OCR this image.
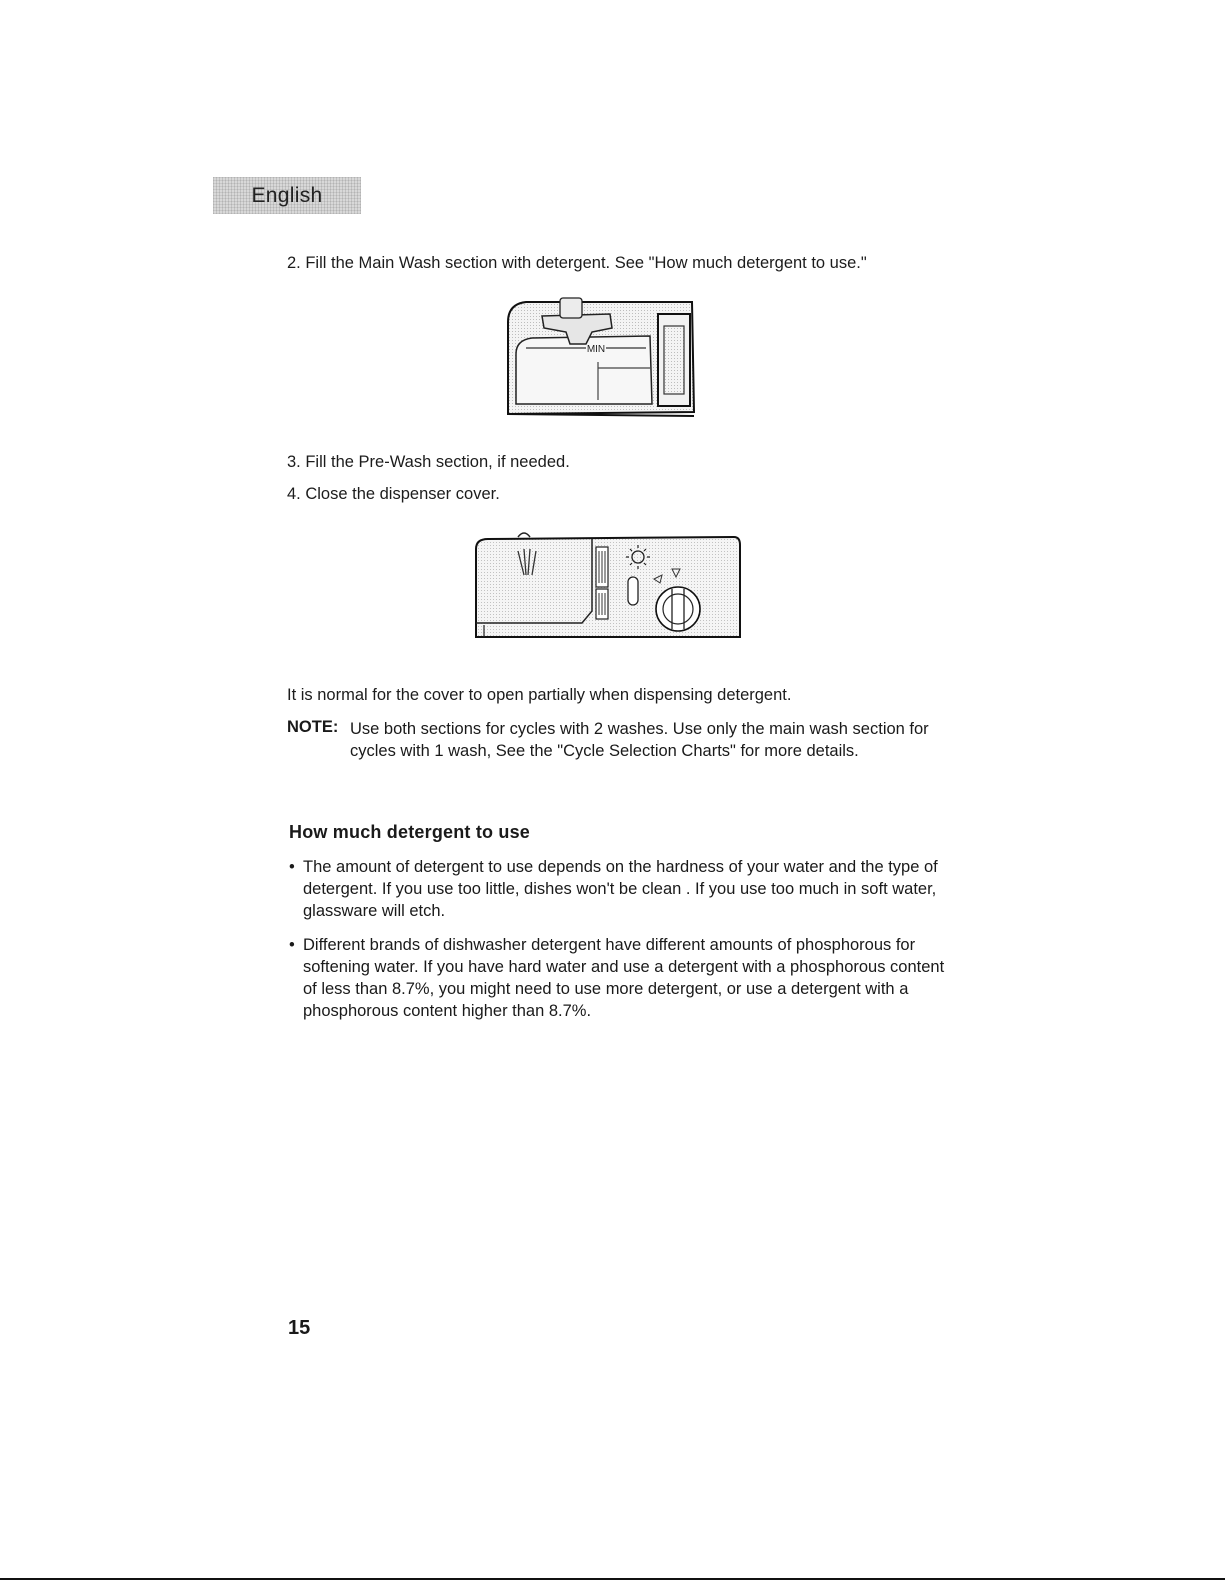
English

2. Fill the Main Wash section with detergent. See "How much detergent to use."

MIN

3. Fill the Pre-Wash section, if needed.

4. Close the dispenser cover.

It is normal for the cover to open partially when dispensing detergent.

NOTE: Use both sections for cycles with 2 washes. Use only the main wash section for cycles with 1 wash, See the "Cycle Selection Charts" for more details.

How much detergent to use

• The amount of detergent to use depends on the hardness of your water and the type of detergent. If you use too little, dishes won't be clean . If you use too much in soft water, glassware will etch.

• Different brands of dishwasher detergent have different amounts of phosphorous for softening water. If you have hard water and use a detergent with a phosphorous content of less than 8.7%, you might need to use more detergent, or use a detergent with a phosphorous content higher than 8.7%.

15
